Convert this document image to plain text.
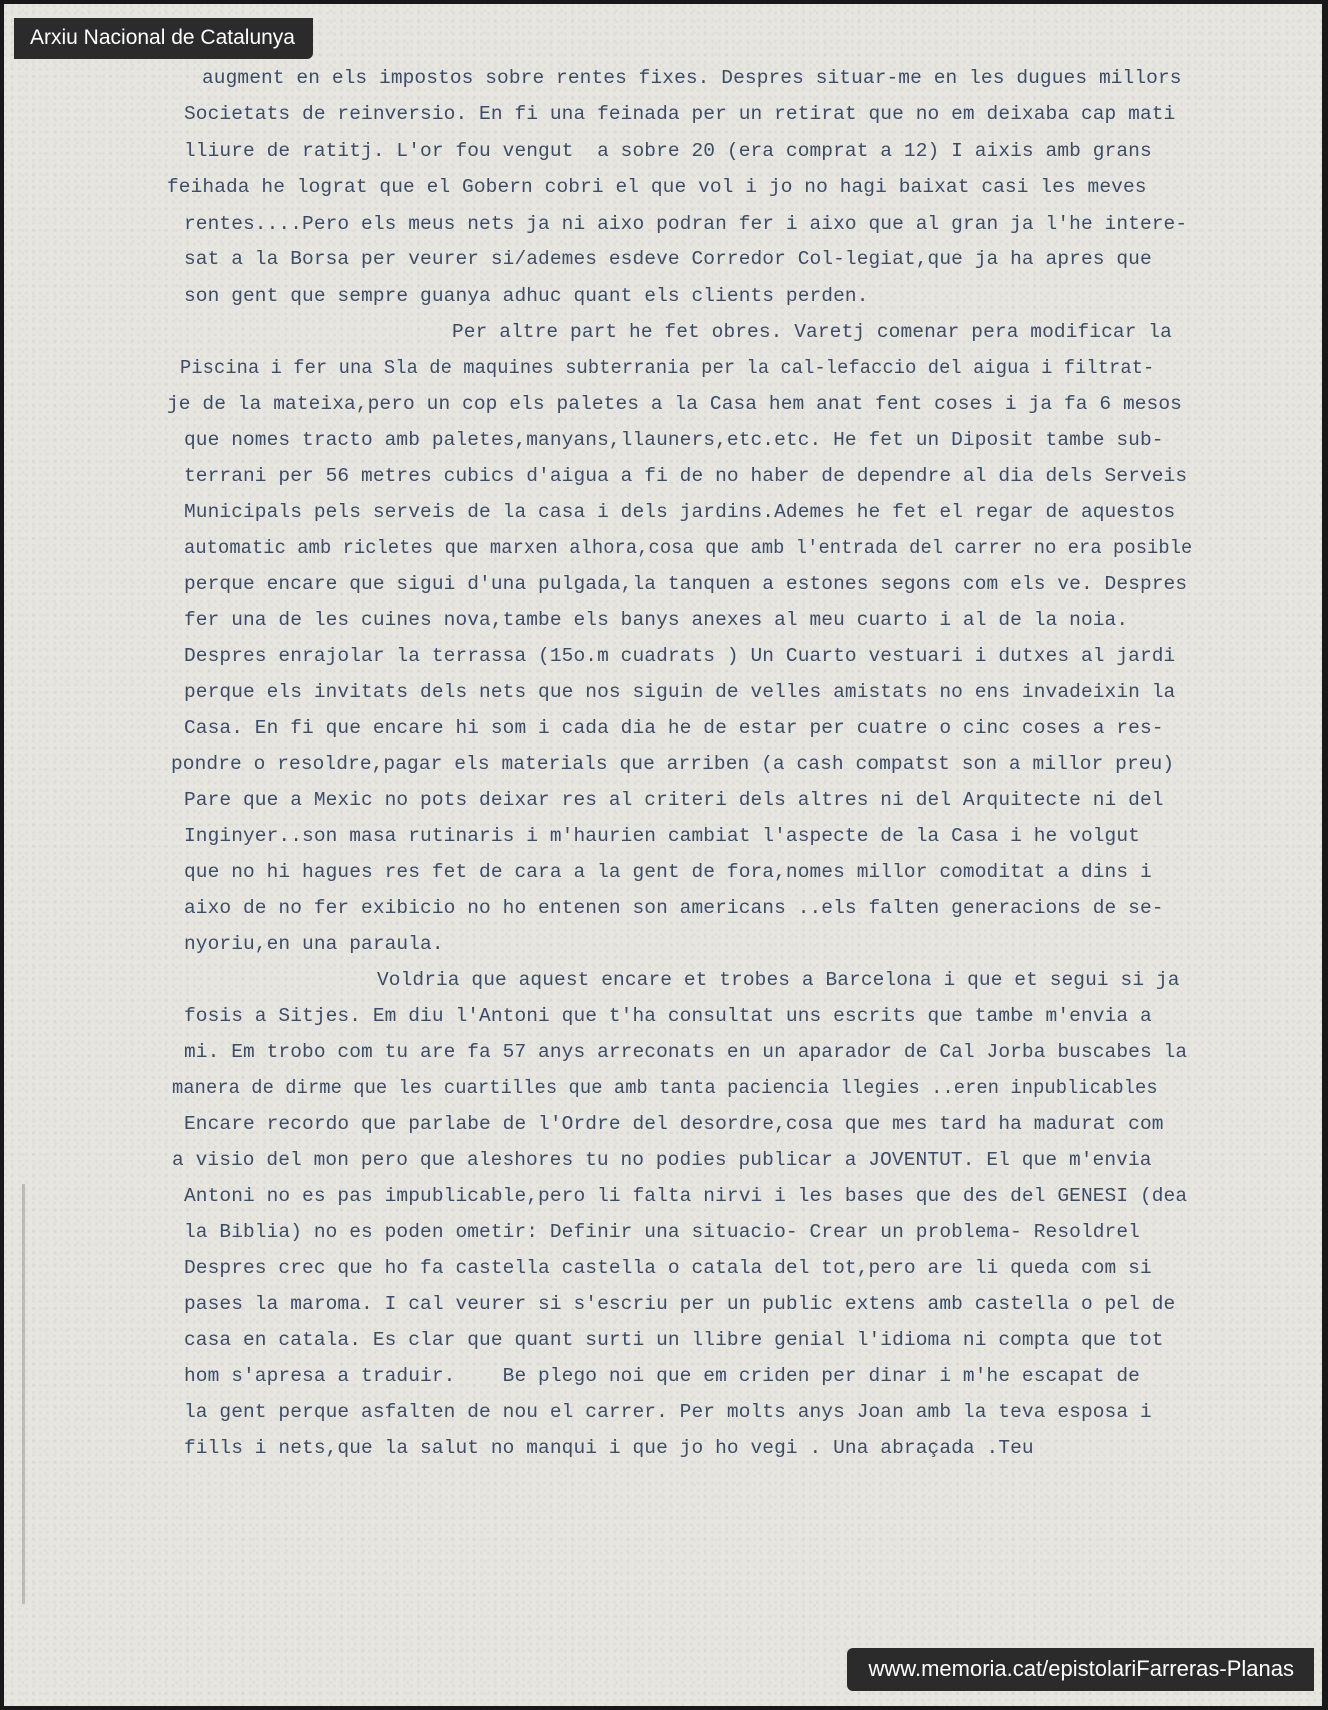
augment en els impostos sobre rentes fixes. Despres situar-me en les dugues millors
Societats de reinversio. En fi una feinada per un retirat que no em deixaba cap mati
lliure de ratitj. L'or fou vengut  a sobre 20 (era comprat a 12) I aixis amb grans
feihada he lograt que el Gobern cobri el que vol i jo no hagi baixat casi les meves
rentes....Pero els meus nets ja ni aixo podran fer i aixo que al gran ja l'he intere-
sat a la Borsa per veurer si/ademes esdeve Corredor Col-legiat,que ja ha apres que
son gent que sempre guanya adhuc quant els clients perden.
Per altre part he fet obres. Varetj comenar pera modificar la
Piscina i fer una Sla de maquines subterrania per la cal-lefaccio del aigua i filtrat-
je de la mateixa,pero un cop els paletes a la Casa hem anat fent coses i ja fa 6 mesos
que nomes tracto amb paletes,manyans,llauners,etc.etc. He fet un Diposit tambe sub-
terrani per 56 metres cubics d'aigua a fi de no haber de dependre al dia dels Serveis
Municipals pels serveis de la casa i dels jardins.Ademes he fet el regar de aquestos
automatic amb ricletes que marxen alhora,cosa que amb l'entrada del carrer no era posible
perque encare que sigui d'una pulgada,la tanquen a estones segons com els ve. Despres
fer una de les cuines nova,tambe els banys anexes al meu cuarto i al de la noia.
Despres enrajolar la terrassa (15o.m cuadrats ) Un Cuarto vestuari i dutxes al jardi
perque els invitats dels nets que nos siguin de velles amistats no ens invadeixin la
Casa. En fi que encare hi som i cada dia he de estar per cuatre o cinc coses a res-
pondre o resoldre,pagar els materials que arriben (a cash compatst son a millor preu)
Pare que a Mexic no pots deixar res al criteri dels altres ni del Arquitecte ni del
Inginyer..son masa rutinaris i m'haurien cambiat l'aspecte de la Casa i he volgut
que no hi hagues res fet de cara a la gent de fora,nomes millor comoditat a dins i
aixo de no fer exibicio no ho entenen son americans ..els falten generacions de se-
nyoriu,en una paraula.
Voldria que aquest encare et trobes a Barcelona i que et segui si ja
fosis a Sitjes. Em diu l'Antoni que t'ha consultat uns escrits que tambe m'envia a
mi. Em trobo com tu are fa 57 anys arreconats en un aparador de Cal Jorba buscabes la
manera de dirme que les cuartilles que amb tanta paciencia llegies ..eren inpublicables
Encare recordo que parlabe de l'Ordre del desordre,cosa que mes tard ha madurat com
a visio del mon pero que aleshores tu no podies publicar a JOVENTUT. El que m'envia
Antoni no es pas impublicable,pero li falta nirvi i les bases que des del GENESI (dea
la Biblia) no es poden ometir: Definir una situacio- Crear un problema- Resoldrel
Despres crec que ho fa castella castella o catala del tot,pero are li queda com si
pases la maroma. I cal veurer si s'escriu per un public extens amb castella o pel de
casa en catala. Es clar que quant surti un llibre genial l'idioma ni compta que tot
hom s'apresa a traduir.    Be plego noi que em criden per dinar i m'he escapat de
la gent perque asfalten de nou el carrer. Per molts anys Joan amb la teva esposa i
fills i nets,que la salut no manqui i que jo ho vegi . Una abraçada .Teu
Arxiu Nacional de Catalunya
www.memoria.cat/epistolariFarreras-Planas
